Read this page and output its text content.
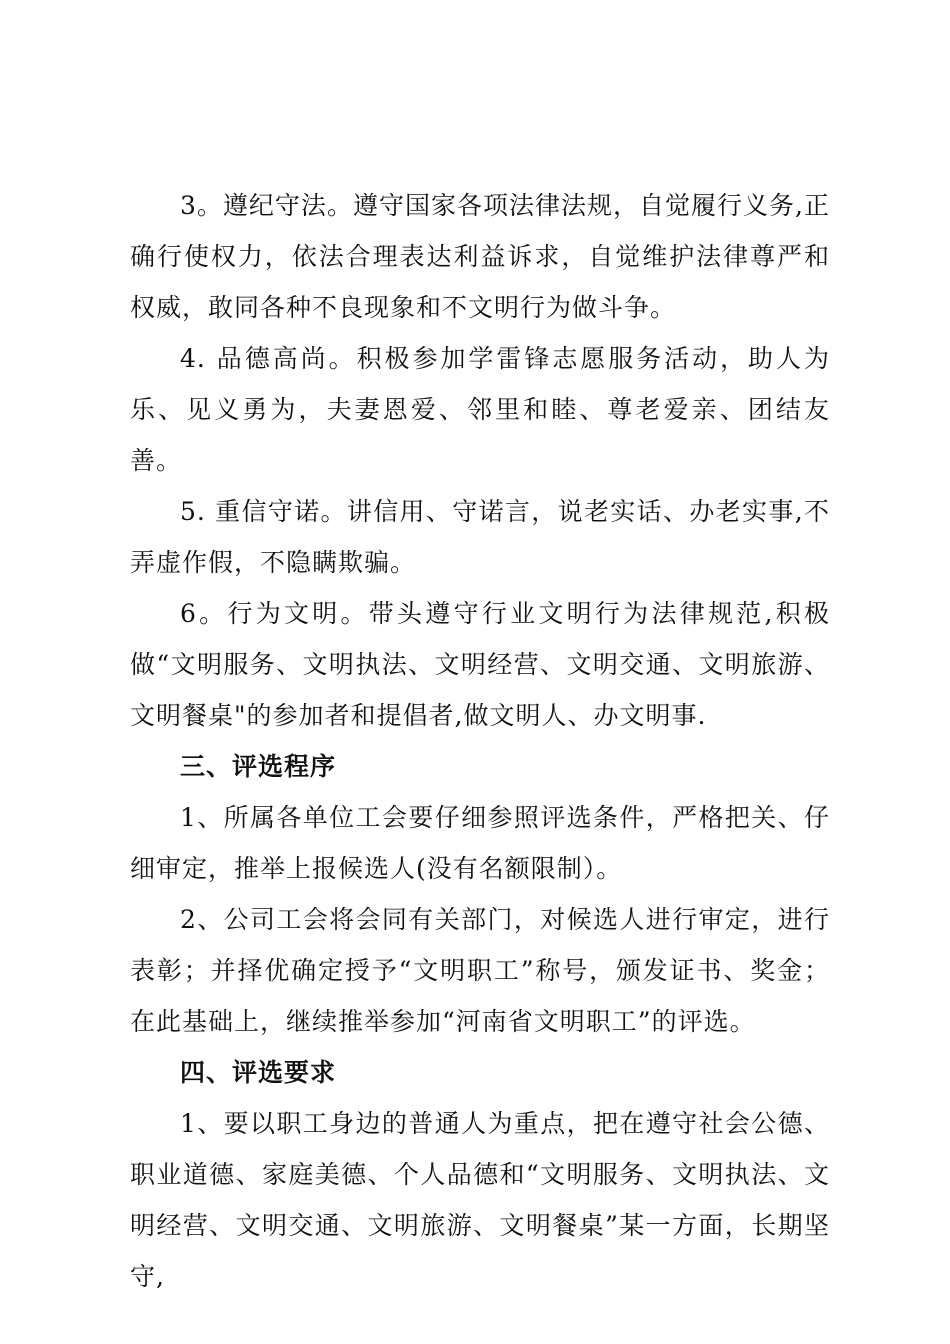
3。遵纪守法。遵守国家各项法律法规，自觉履行义务,正确行使权力，依法合理表达利益诉求，自觉维护法律尊严和权威，敢同各种不良现象和不文明行为做斗争。

4. 品德高尚。积极参加学雷锋志愿服务活动，助人为乐、见义勇为，夫妻恩爱、邻里和睦、尊老爱亲、团结友善。

5. 重信守诺。讲信用、守诺言，说老实话、办老实事,不弄虚作假，不隐瞒欺骗。

6。行为文明。带头遵守行业文明行为法律规范,积极做“文明服务、文明执法、文明经营、文明交通、文明旅游、文明餐桌"的参加者和提倡者,做文明人、办文明事.

三、评选程序

1、所属各单位工会要仔细参照评选条件，严格把关、仔细审定，推举上报候选人(没有名额限制）。

2、公司工会将会同有关部门，对候选人进行审定，进行表彰；并择优确定授予“文明职工”称号，颁发证书、奖金；在此基础上，继续推举参加“河南省文明职工”的评选。

四、评选要求

1、要以职工身边的普通人为重点，把在遵守社会公德、职业道德、家庭美德、个人品德和“文明服务、文明执法、文明经营、文明交通、文明旅游、文明餐桌”某一方面，长期坚守,
